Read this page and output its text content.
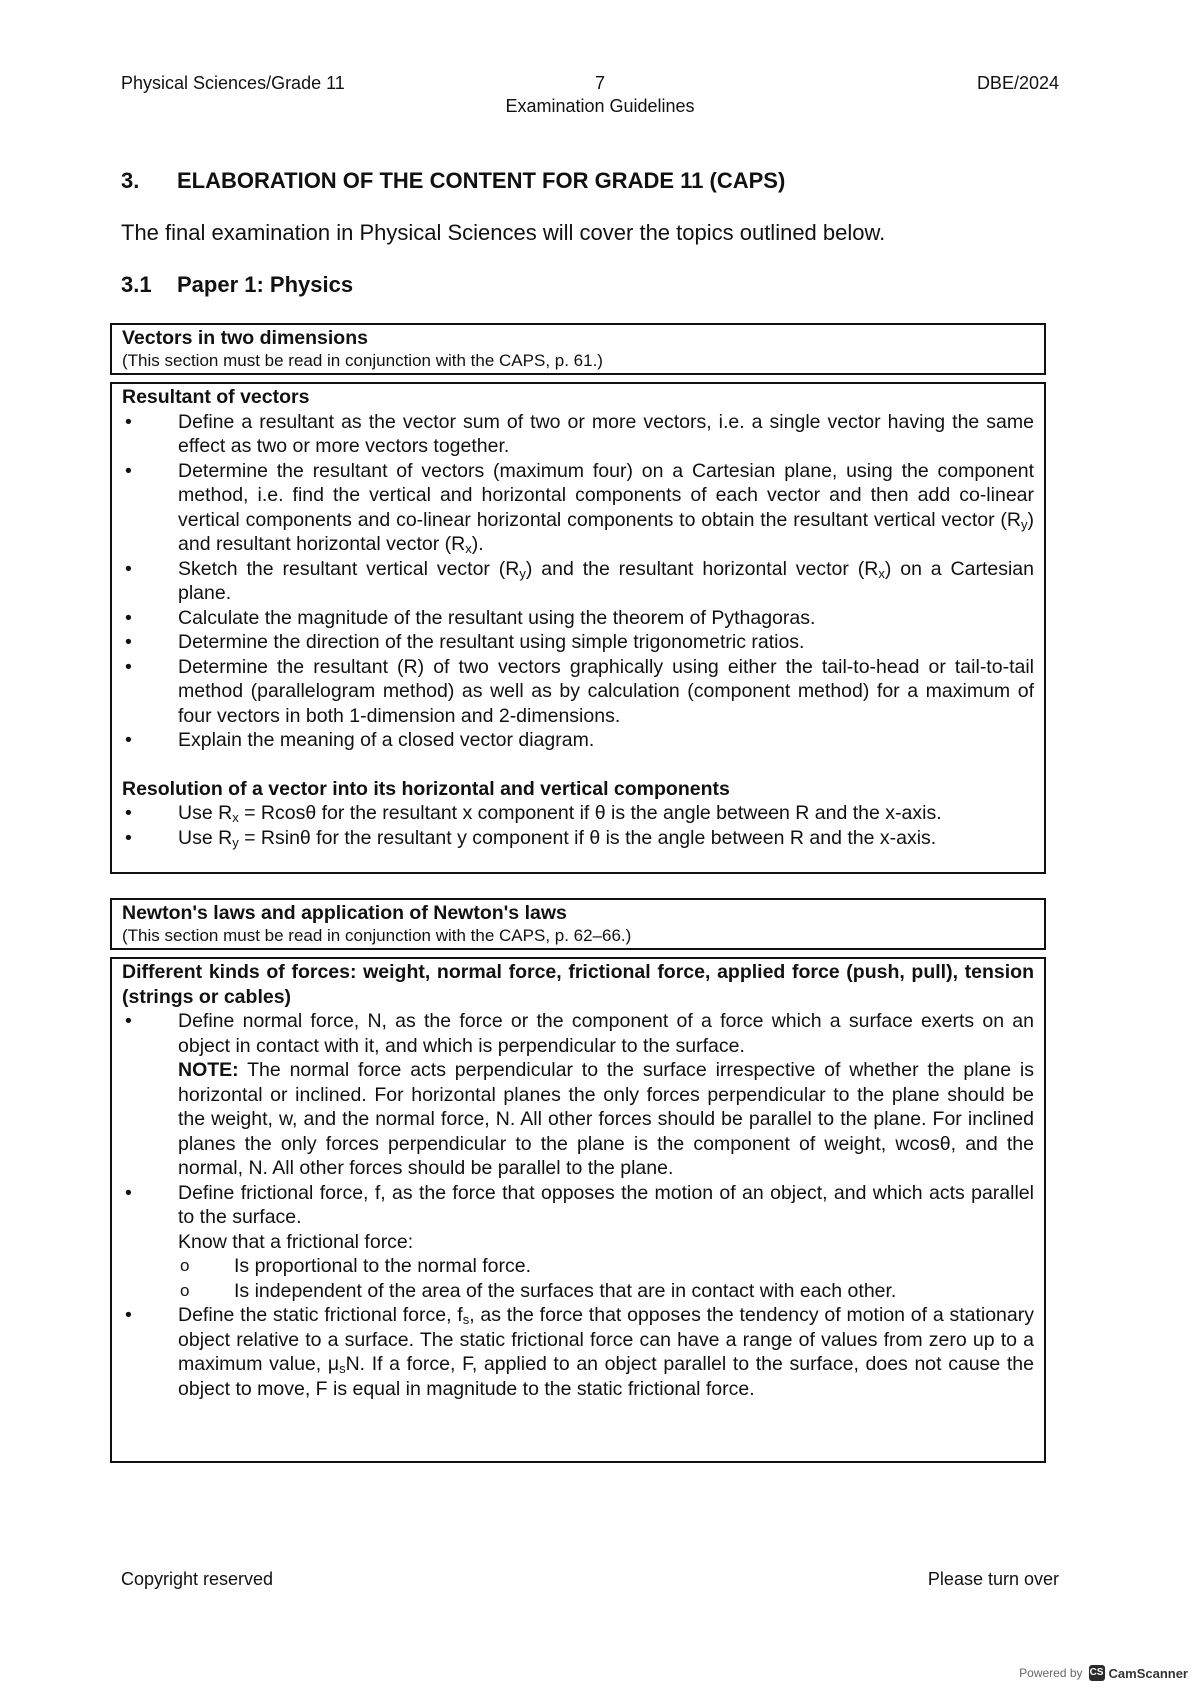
Physical Sciences/Grade 11	7
Examination Guidelines
DBE/2024
3. ELABORATION OF THE CONTENT FOR GRADE 11 (CAPS)
The final examination in Physical Sciences will cover the topics outlined below.
3.1 Paper 1: Physics
Vectors in two dimensions
(This section must be read in conjunction with the CAPS, p. 61.)
Resultant of vectors
• Define a resultant as the vector sum of two or more vectors, i.e. a single vector having the same effect as two or more vectors together.
• Determine the resultant of vectors (maximum four) on a Cartesian plane, using the component method, i.e. find the vertical and horizontal components of each vector and then add co-linear vertical components and co-linear horizontal components to obtain the resultant vertical vector $(R_y)$ and resultant horizontal vector $(R_x)$.
• Sketch the resultant vertical vector $(R_y)$ and the resultant horizontal vector $(R_x)$ on a Cartesian plane.
• Calculate the magnitude of the resultant using the theorem of Pythagoras.
• Determine the direction of the resultant using simple trigonometric ratios.
• Determine the resultant (R) of two vectors graphically using either the tail-to-head or tail-to-tail method (parallelogram method) as well as by calculation (component method) for a maximum of four vectors in both 1-dimension and 2-dimensions.
• Explain the meaning of a closed vector diagram.
Resolution of a vector into its horizontal and vertical components
• Use $R_x = Rcos\theta$ for the resultant x component if θ is the angle between R and the x-axis.
• Use $R_y = Rsin\theta$ for the resultant y component if θ is the angle between R and the x-axis.
Newton's laws and application of Newton's laws
(This section must be read in conjunction with the CAPS, p. 62–66.)
Different kinds of forces: weight, normal force, frictional force, applied force (push, pull), tension (strings or cables)
• Define normal force, N, as the force or the component of a force which a surface exerts on an object in contact with it, and which is perpendicular to the surface.
NOTE: The normal force acts perpendicular to the surface irrespective of whether the plane is horizontal or inclined. For horizontal planes the only forces perpendicular to the plane should be the weight, w, and the normal force, N. All other forces should be parallel to the plane. For inclined planes the only forces perpendicular to the plane is the component of weight, wcosθ, and the normal, N. All other forces should be parallel to the plane.
• Define frictional force, f, as the force that opposes the motion of an object, and which acts parallel to the surface.
Know that a frictional force:
o Is proportional to the normal force.
o Is independent of the area of the surfaces that are in contact with each other.
• Define the static frictional force, $f_s$, as the force that opposes the tendency of motion of a stationary object relative to a surface. The static frictional force can have a range of values from zero up to a maximum value, $\mu_sN$. If a force, F, applied to an object parallel to the surface, does not cause the object to move, F is equal in magnitude to the static frictional force.
Copyright reserved	Please turn over
Powered by CS CamScanner
